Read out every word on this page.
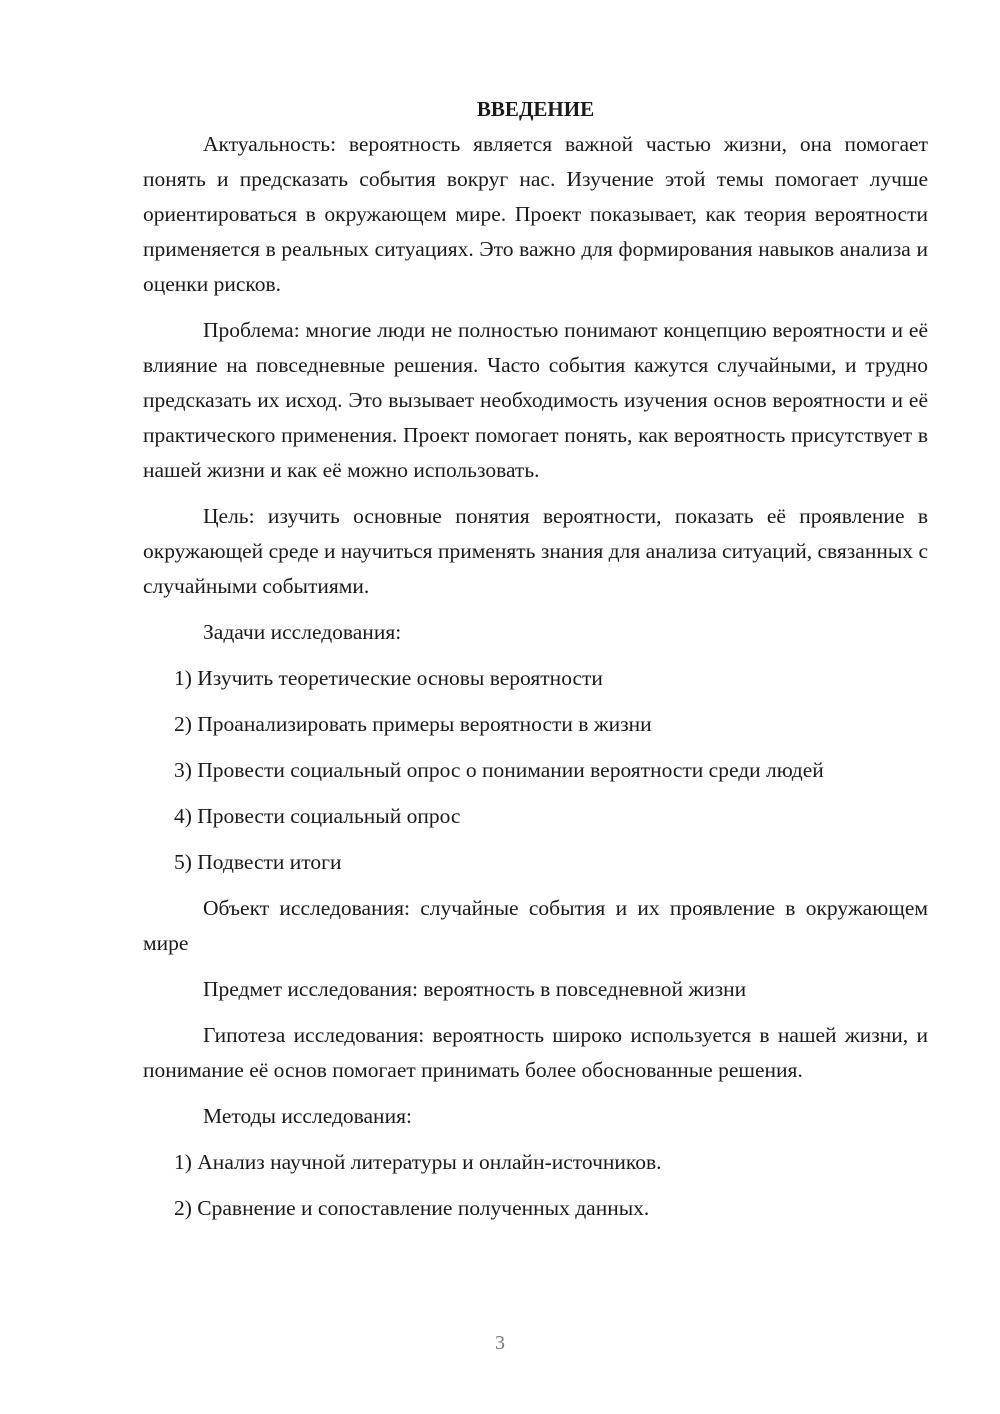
ВВЕДЕНИЕ

Актуальность: вероятность является важной частью жизни, она помогает понять и предсказать события вокруг нас. Изучение этой темы помогает лучше ориентироваться в окружающем мире. Проект показывает, как теория вероятности применяется в реальных ситуациях. Это важно для формирования навыков анализа и оценки рисков.

Проблема: многие люди не полностью понимают концепцию вероятности и её влияние на повседневные решения. Часто события кажутся случайными, и трудно предсказать их исход. Это вызывает необходимость изучения основ вероятности и её практического применения. Проект помогает понять, как вероятность присутствует в нашей жизни и как её можно использовать.

Цель: изучить основные понятия вероятности, показать её проявление в окружающей среде и научиться применять знания для анализа ситуаций, связанных с случайными событиями.

Задачи исследования:

1) Изучить теоретические основы вероятности
2) Проанализировать примеры вероятности в жизни
3) Провести социальный опрос о понимании вероятности среди людей
4) Провести социальный опрос
5) Подвести итоги

Объект исследования: случайные события и их проявление в окружающем мире

Предмет исследования: вероятность в повседневной жизни

Гипотеза исследования: вероятность широко используется в нашей жизни, и понимание её основ помогает принимать более обоснованные решения.

Методы исследования:

1) Анализ научной литературы и онлайн-источников.
2) Сравнение и сопоставление полученных данных.
3
